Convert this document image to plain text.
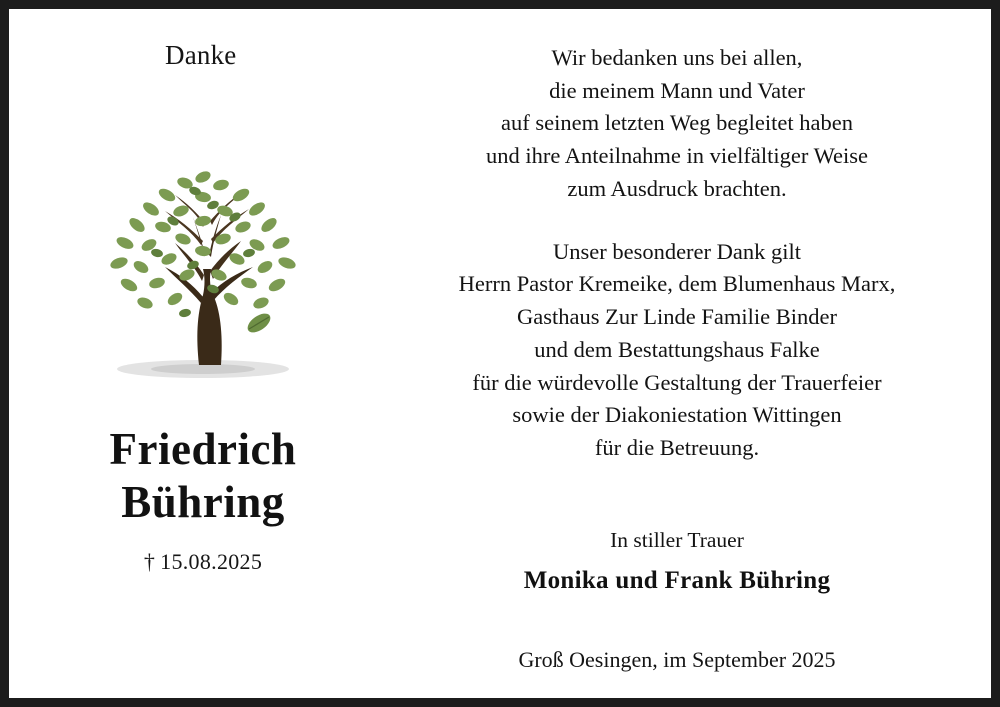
Danke
Friedrich
Bühring
† 15.08.2025
Wir bedanken uns bei allen,
die meinem Mann und Vater
auf seinem letzten Weg begleitet haben
und ihre Anteilnahme in vielfältiger Weise
zum Ausdruck brachten.
Unser besonderer Dank gilt
Herrn Pastor Kremeike, dem Blumenhaus Marx,
Gasthaus Zur Linde Familie Binder
und dem Bestattungshaus Falke
für die würdevolle Gestaltung der Trauerfeier
sowie der Diakoniestation Wittingen
für die Betreuung.
In stiller Trauer
Monika und Frank Bühring
Groß Oesingen, im September 2025
